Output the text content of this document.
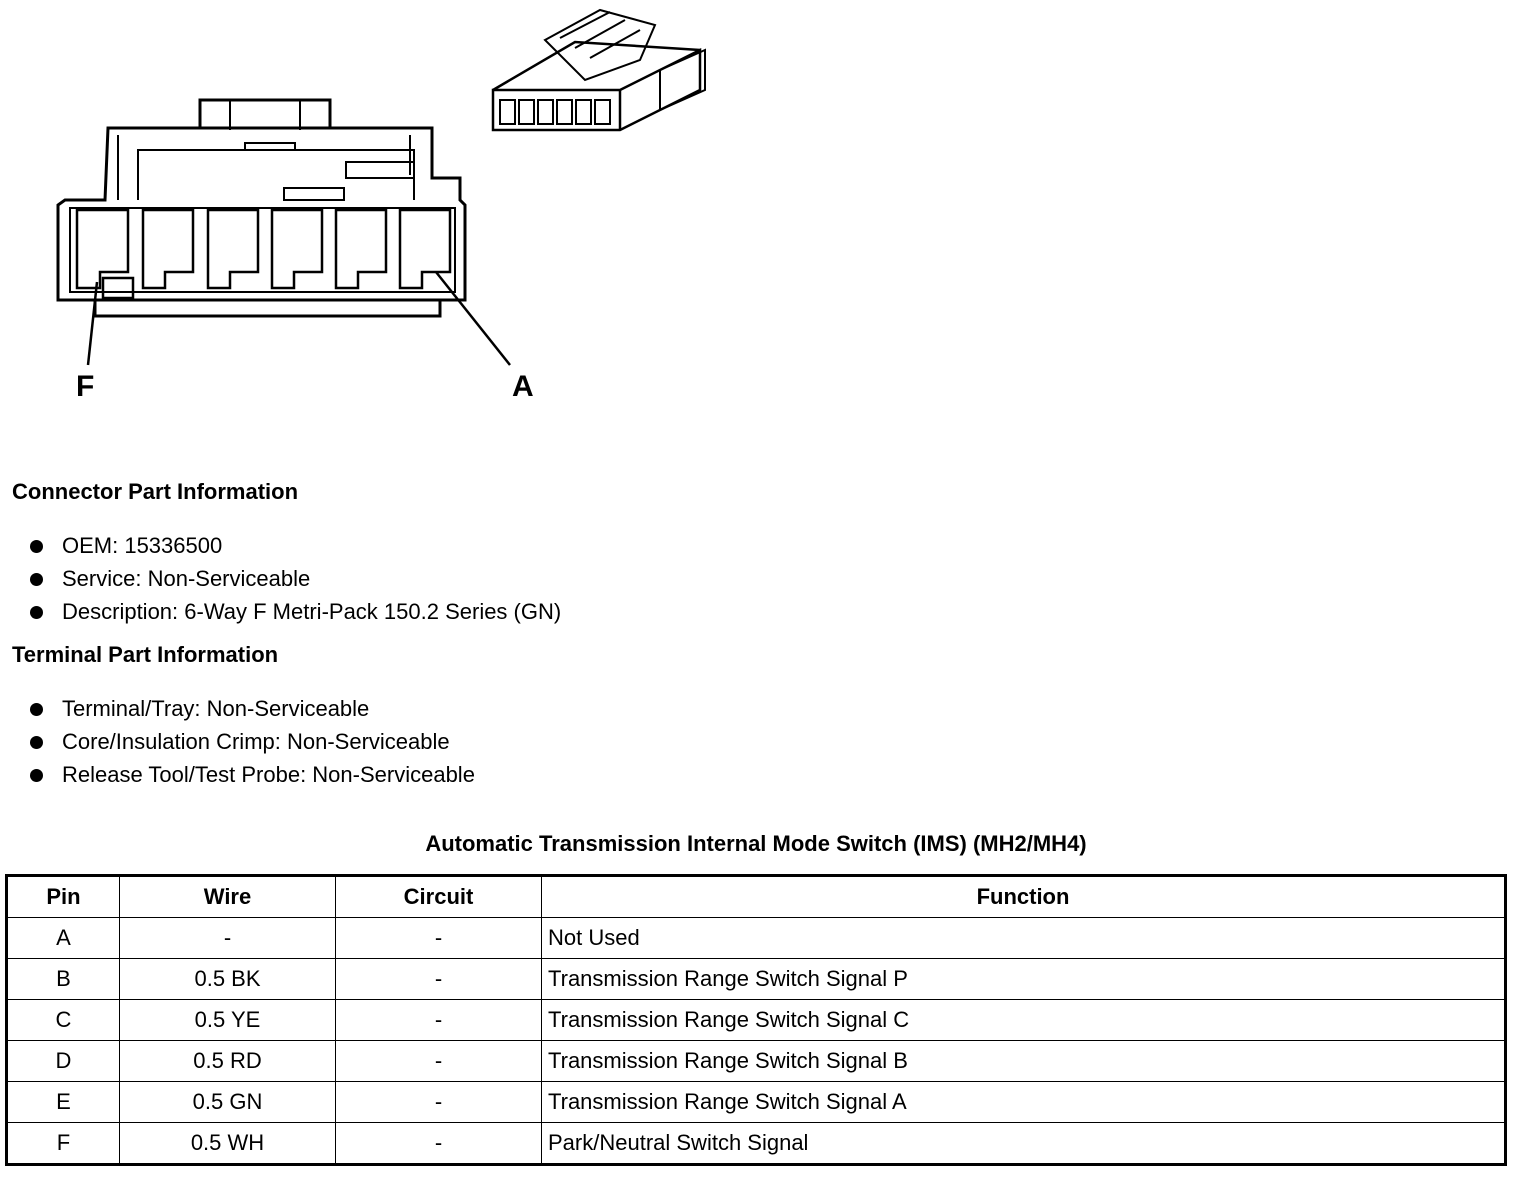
F	A
Connector Part Information
OEM: 15336500
Service: Non-Serviceable
Description: 6-Way F Metri-Pack 150.2 Series (GN)
Terminal Part Information
Terminal/Tray: Non-Serviceable
Core/Insulation Crimp: Non-Serviceable
Release Tool/Test Probe: Non-Serviceable
Automatic Transmission Internal Mode Switch (IMS) (MH2/MH4)
Pin	Wire	Circuit	Function
A	-	-	Not Used
B	0.5 BK	-	Transmission Range Switch Signal P
C	0.5 YE	-	Transmission Range Switch Signal C
D	0.5 RD	-	Transmission Range Switch Signal B
E	0.5 GN	-	Transmission Range Switch Signal A
F	0.5 WH	-	Park/Neutral Switch Signal
